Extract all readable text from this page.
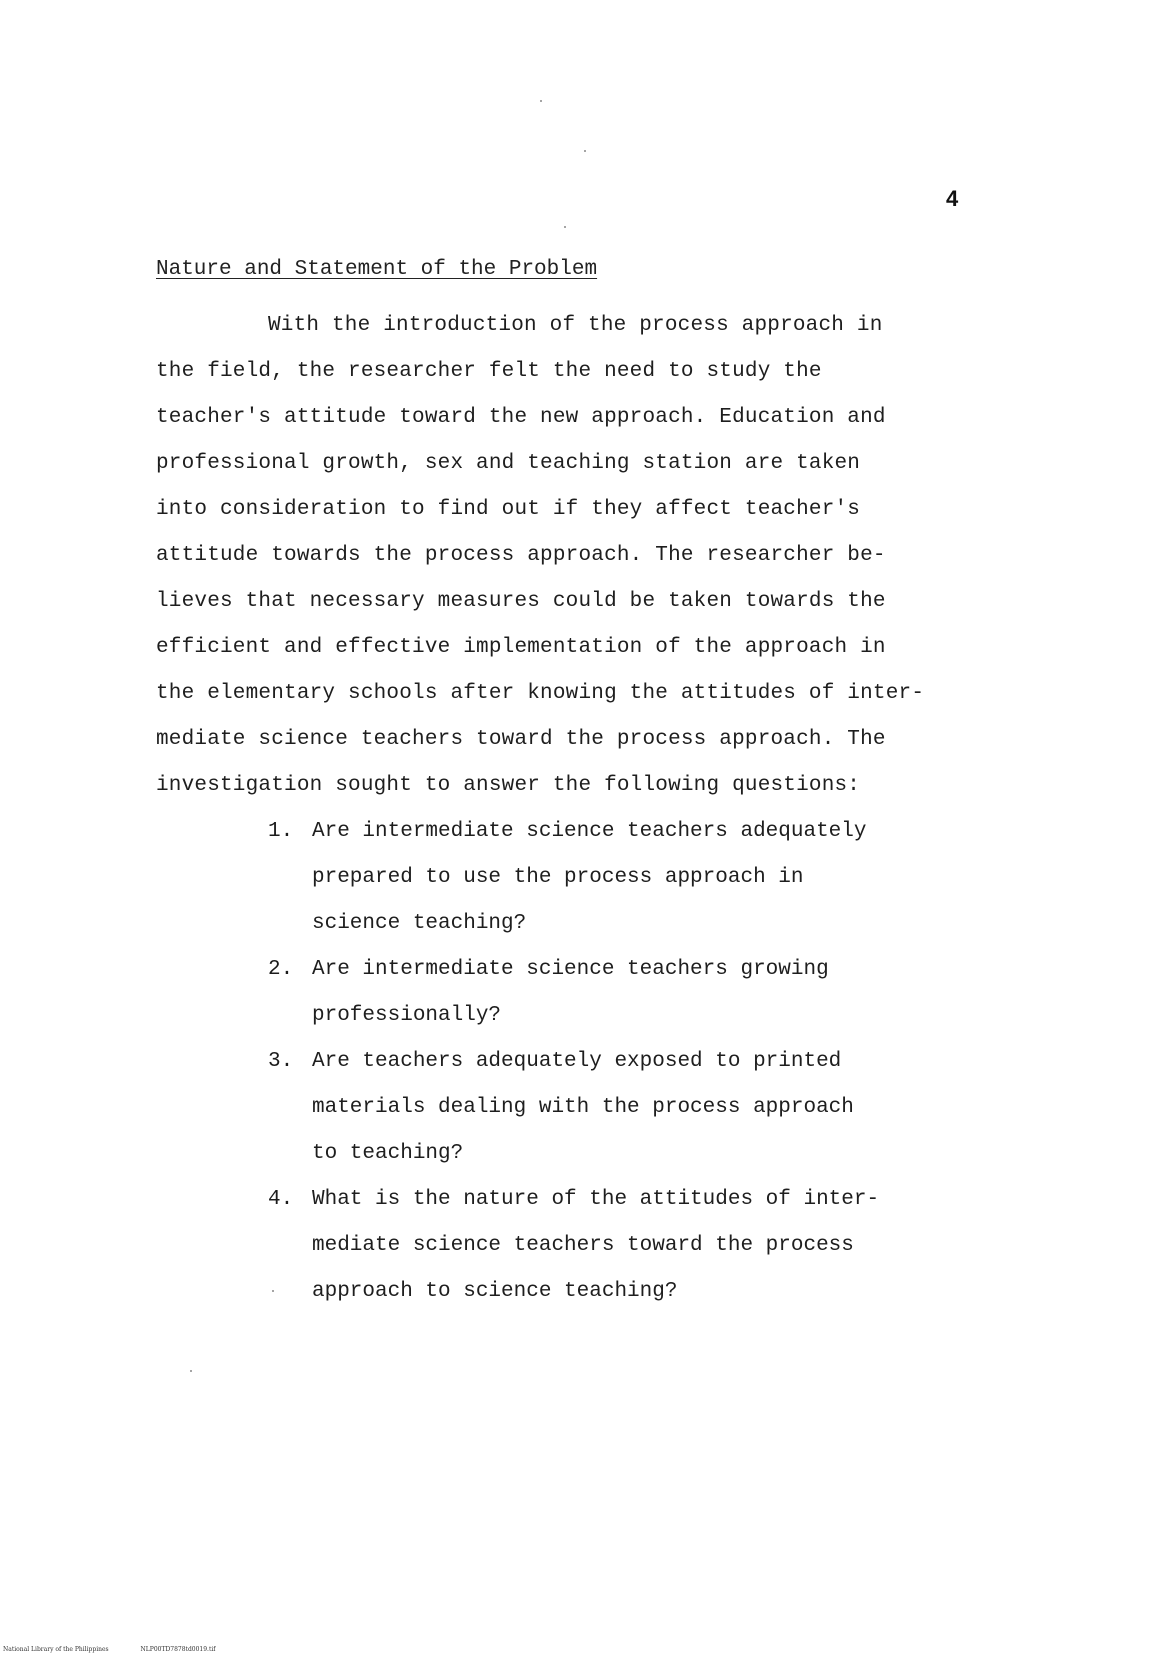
4
Nature and Statement of the Problem
With the introduction of the process approach in
the field, the researcher felt the need to study the
teacher's attitude toward the new approach. Education and
professional growth, sex and teaching station are taken
into consideration to find out if they affect teacher's
attitude towards the process approach. The researcher be-
lieves that necessary measures could be taken towards the
efficient and effective implementation of the approach in
the elementary schools after knowing the attitudes of inter-
mediate science teachers toward the process approach. The
investigation sought to answer the following questions:
1. Are intermediate science teachers adequately
prepared to use the process approach in
science teaching?
2. Are intermediate science teachers growing
professionally?
3. Are teachers adequately exposed to printed
materials dealing with the process approach
to teaching?
4. What is the nature of the attitudes of inter-
mediate science teachers toward the process
approach to science teaching?
National Library of the Philippines	NLP00TD7878td0019.tif
